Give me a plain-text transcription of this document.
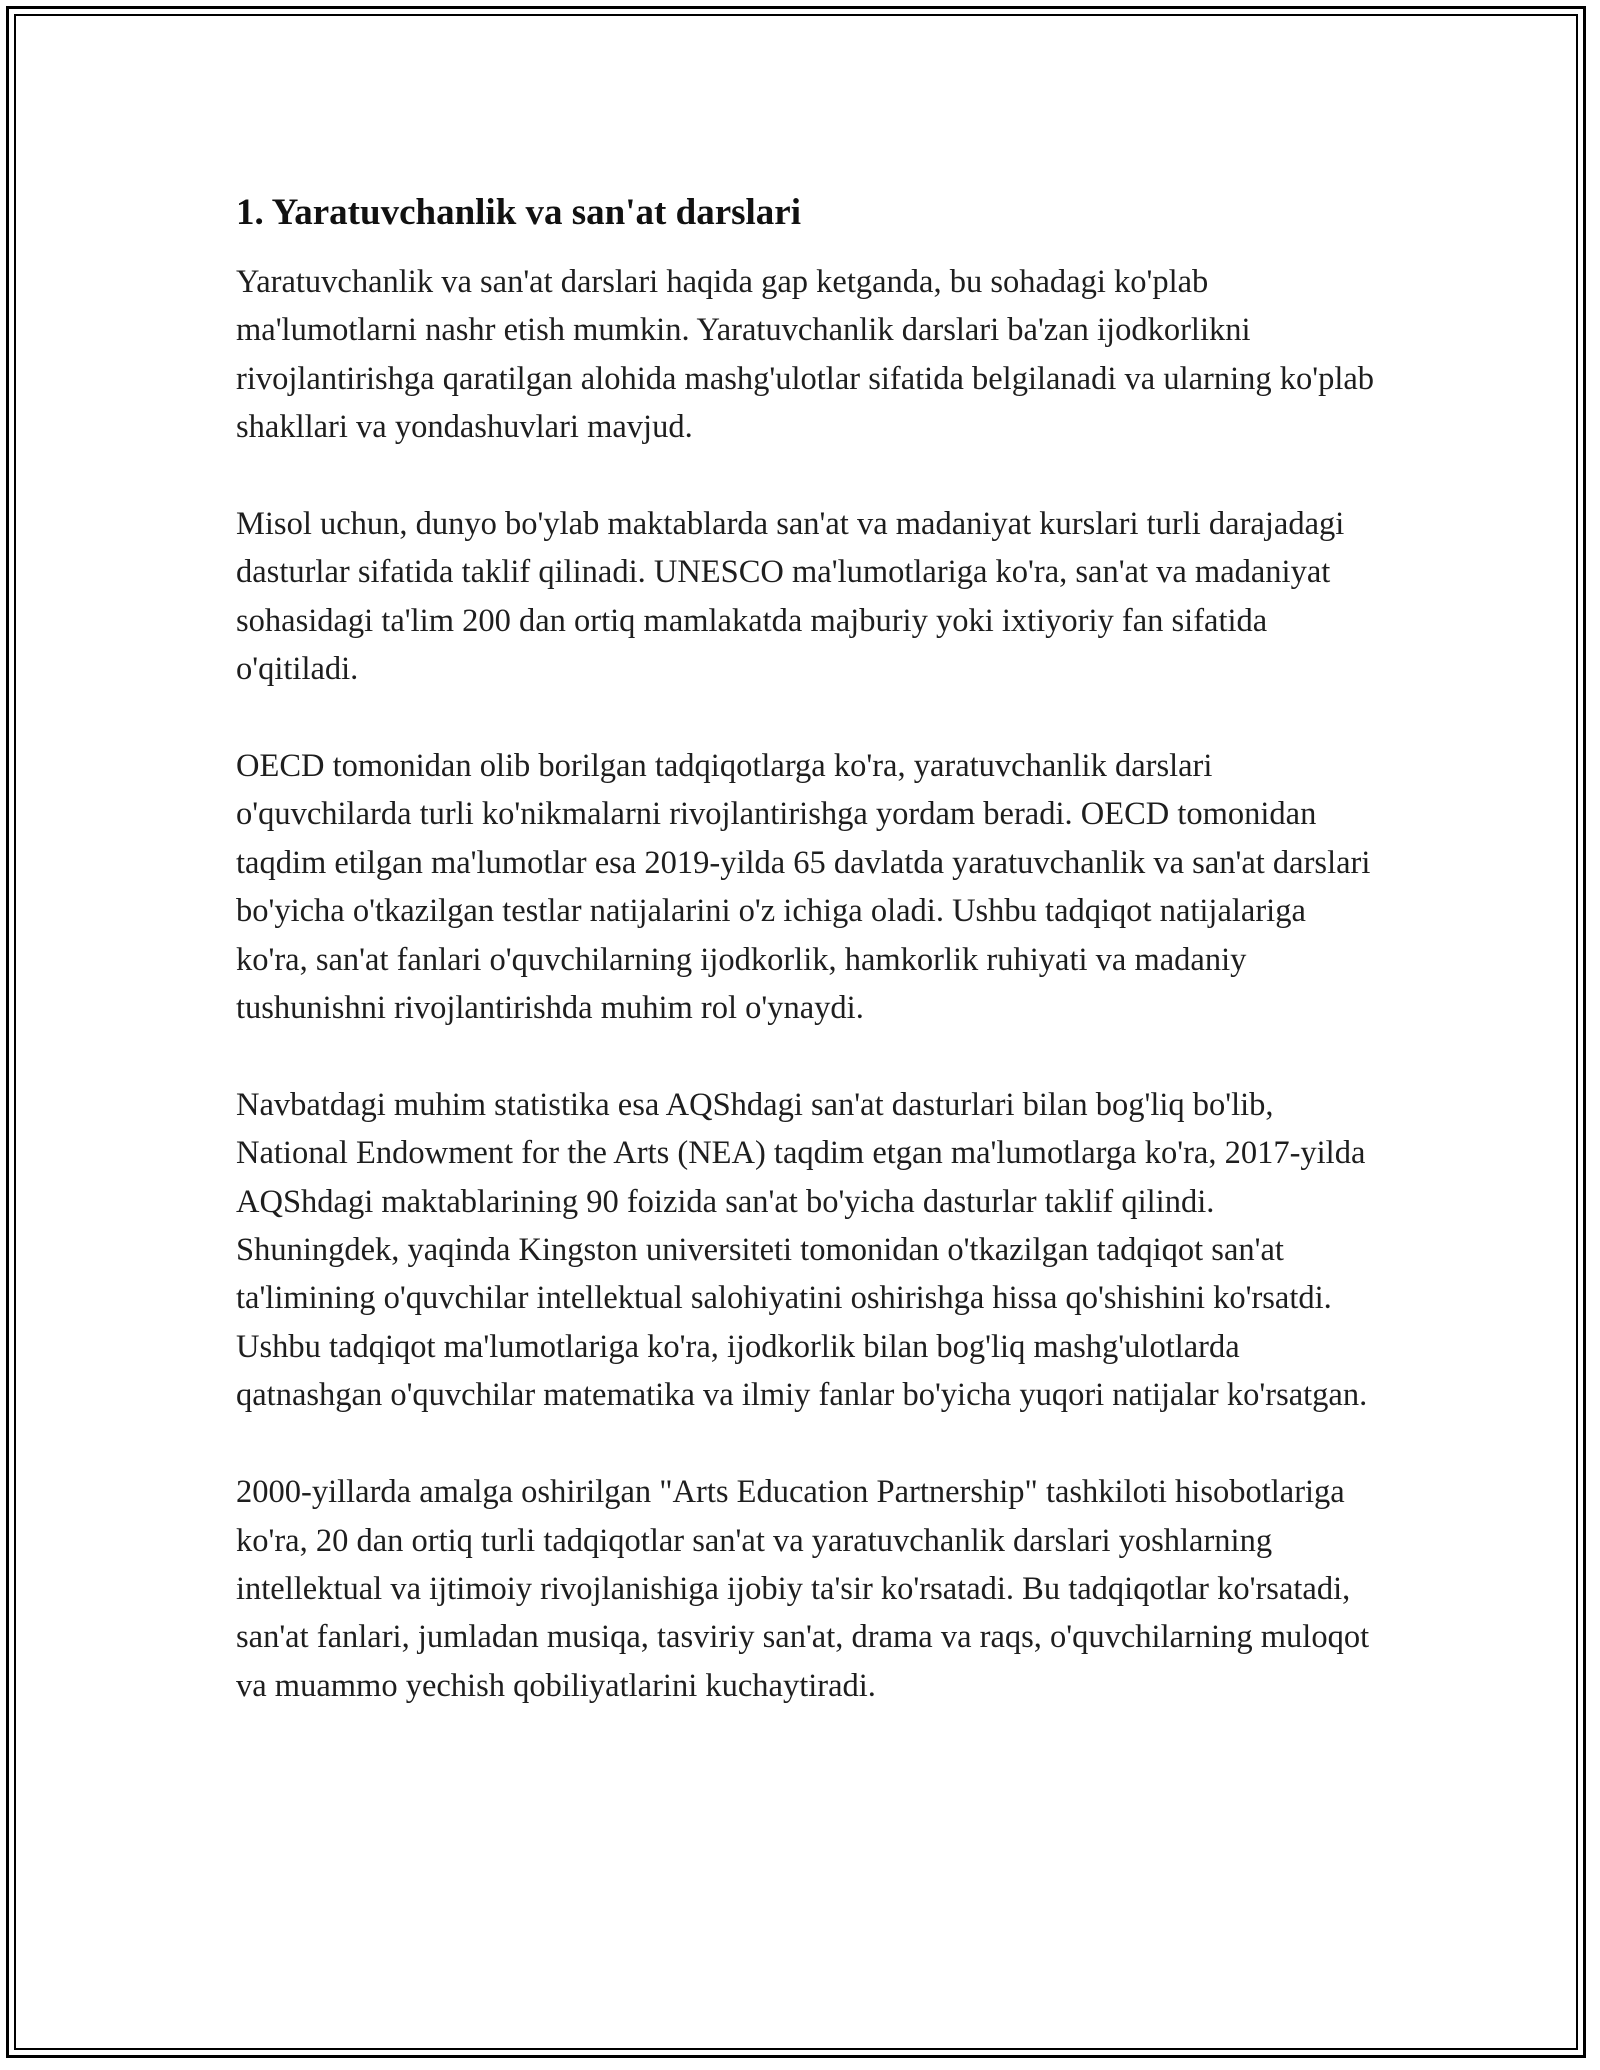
1. Yaratuvchanlik va san'at darslari

Yaratuvchanlik va san'at darslari haqida gap ketganda, bu sohadagi ko'plab ma'lumotlarni nashr etish mumkin. Yaratuvchanlik darslari ba'zan ijodkorlikni rivojlantirishga qaratilgan alohida mashg'ulotlar sifatida belgilanadi va ularning ko'plab shakllari va yondashuvlari mavjud.

Misol uchun, dunyo bo'ylab maktablarda san'at va madaniyat kurslari turli darajadagi dasturlar sifatida taklif qilinadi. UNESCO ma'lumotlariga ko'ra, san'at va madaniyat sohasidagi ta'lim 200 dan ortiq mamlakatda majburiy yoki ixtiyoriy fan sifatida o'qitiladi.

OECD tomonidan olib borilgan tadqiqotlarga ko'ra, yaratuvchanlik darslari o'quvchilarda turli ko'nikmalarni rivojlantirishga yordam beradi. OECD tomonidan taqdim etilgan ma'lumotlar esa 2019-yilda 65 davlatda yaratuvchanlik va san'at darslari bo'yicha o'tkazilgan testlar natijalarini o'z ichiga oladi. Ushbu tadqiqot natijalariga ko'ra, san'at fanlari o'quvchilarning ijodkorlik, hamkorlik ruhiyati va madaniy tushunishni rivojlantirishda muhim rol o'ynaydi.

Navbatdagi muhim statistika esa AQShdagi san'at dasturlari bilan bog'liq bo'lib, National Endowment for the Arts (NEA) taqdim etgan ma'lumotlarga ko'ra, 2017-yilda AQShdagi maktablarining 90 foizida san'at bo'yicha dasturlar taklif qilindi. Shuningdek, yaqinda Kingston universiteti tomonidan o'tkazilgan tadqiqot san'at ta'limining o'quvchilar intellektual salohiyatini oshirishga hissa qo'shishini ko'rsatdi. Ushbu tadqiqot ma'lumotlariga ko'ra, ijodkorlik bilan bog'liq mashg'ulotlarda qatnashgan o'quvchilar matematika va ilmiy fanlar bo'yicha yuqori natijalar ko'rsatgan.

2000-yillarda amalga oshirilgan "Arts Education Partnership" tashkiloti hisobotlariga ko'ra, 20 dan ortiq turli tadqiqotlar san'at va yaratuvchanlik darslari yoshlarning intellektual va ijtimoiy rivojlanishiga ijobiy ta'sir ko'rsatadi. Bu tadqiqotlar ko'rsatadi, san'at fanlari, jumladan musiqa, tasviriy san'at, drama va raqs, o'quvchilarning muloqot va muammo yechish qobiliyatlarini kuchaytiradi.
